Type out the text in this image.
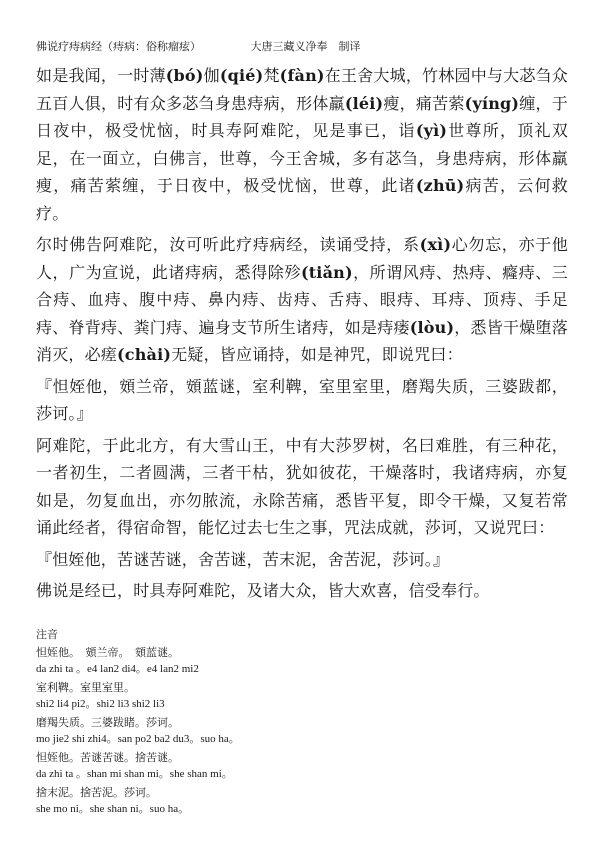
佛说疗痔病经（痔病：俗称瘤痃）	大唐三藏义净奉　制译
如是我闻，一时薄(bó)伽(qié)梵(fàn)在王舍大城，竹林园中与大苾刍众五百人俱，时有众多苾刍身患痔病，形体羸(léi)瘦，痛苦萦(yíng)缠，于日夜中，极受忧恼，时具寿阿难陀，见是事已，诣(yì)世尊所，顶礼双足，在一面立，白佛言，世尊，今王舍城，多有苾刍，身患痔病，形体羸瘦，痛苦萦缠，于日夜中，极受忧恼，世尊，此诸(zhū)病苦，云何救疗。
尔时佛告阿难陀，汝可听此疗痔病经，读诵受持，系(xì)心勿忘，亦于他人，广为宣说，此诸痔病，悉得除殄(tiǎn)，所谓风痔、热痔、癃痔、三合痔、血痔、腹中痔、鼻内痔、齿痔、舌痔、眼痔、耳痔、顶痔、手足痔、脊背痔、粪门痔、遍身支节所生诸痔，如是痔瘘(lòu)，悉皆干燥堕落消灭，必瘥(chài)无疑，皆应诵持，如是神咒，即说咒曰：
『怛姪他，頞兰帝，頞蓝谜，室利鞞，室里室里，磨羯失质，三婆跋都，莎诃。』
阿难陀，于此北方，有大雪山王，中有大莎罗树，名曰难胜，有三种花，一者初生，二者圆满，三者干枯，犹如彼花，干燥落时，我诸痔病，亦复如是，勿复血出，亦勿脓流，永除苦痛，悉皆平复，即令干燥，又复若常诵此经者，得宿命智，能忆过去七生之事，咒法成就，莎诃，又说咒曰：
『怛姪他，苦谜苦谜，舍苦谜，苦末泥，舍苦泥，莎诃。』
佛说是经已，时具寿阿难陀，及诸大众，皆大欢喜，信受奉行。
注音
怛姪他。　頞兰帝。　頞蓝谜。
da zhi ta 。e4 lan2 di4。e4 lan2 mi2
室利鞞。室里室里。
shi2 li4 pi2。shi2 li3 shi2 li3
磨羯失质。三婆跋睹。莎诃。
mo jie2 shi zhi4。san po2 ba2 du3。suo ha。
怛姪他。苦谜苦谜。捨苦谜。
da zhi ta 。shan mi shan mi。she shan mi。
捨末泥。捨苦泥。莎诃。
she mo ni。she shan ni。suo ha。
